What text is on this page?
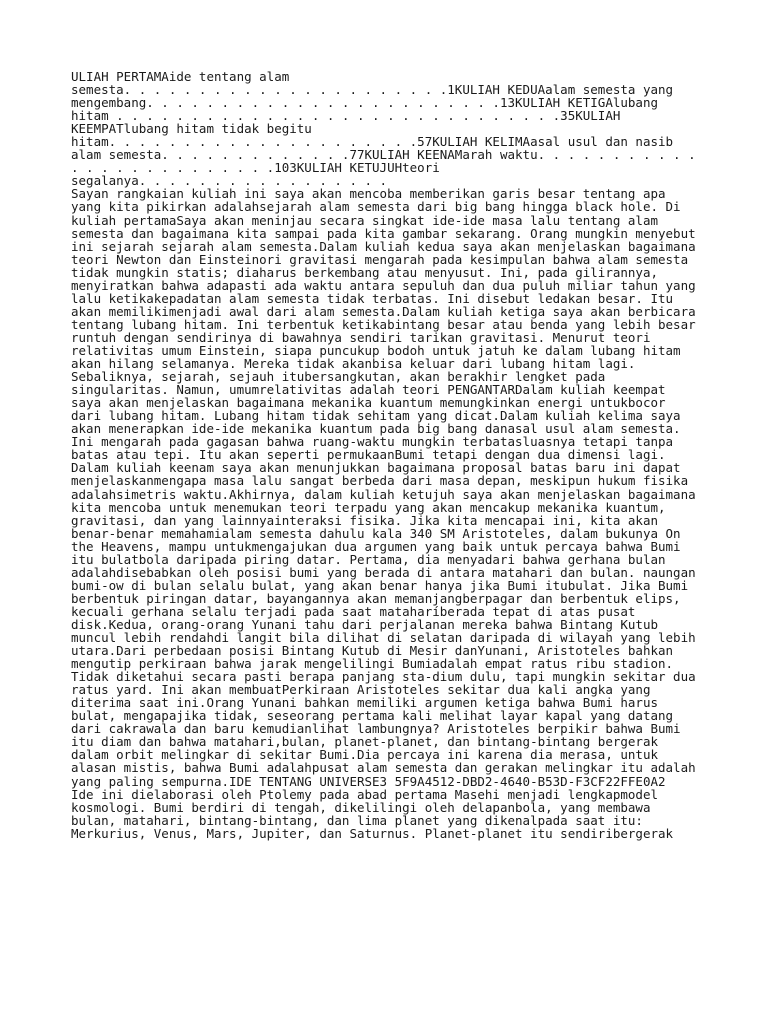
ULIAH PERTAMAide tentang alam
semesta. . . . . . . . . . . . . . . . . . . . . .1KULIAH KEDUAalam semesta yang
mengembang. . . . . . . . . . . . . . . . . . . . . . . .13KULIAH KETIGAlubang
hitam . . . . . . . . . . . . . . . . . . . . . . . . . . . . . .35KULIAH
KEEMPATlubang hitam tidak begitu
hitam. . . . . . . . . . . . . . . . . . . . .57KULIAH KELIMAasal usul dan nasib
alam semesta. . . . . . . . . . . . .77KULIAH KEENAMarah waktu. . . . . . . . . . .
. . . . . . . . . . . . . .103KULIAH KETUJUHteori
segalanya. . . . . . . . . . . . . . . . .
Sayan rangkaian kuliah ini saya akan mencoba memberikan garis besar tentang apa
yang kita pikirkan adalahsejarah alam semesta dari big bang hingga black hole. Di
kuliah pertamaSaya akan meninjau secara singkat ide-ide masa lalu tentang alam
semesta dan bagaimana kita sampai pada kita gambar sekarang. Orang mungkin menyebut
ini sejarah sejarah alam semesta.Dalam kuliah kedua saya akan menjelaskan bagaimana
teori Newton dan Einsteinori gravitasi mengarah pada kesimpulan bahwa alam semesta
tidak mungkin statis; diaharus berkembang atau menyusut. Ini, pada gilirannya,
menyiratkan bahwa adapasti ada waktu antara sepuluh dan dua puluh miliar tahun yang
lalu ketikakepadatan alam semesta tidak terbatas. Ini disebut ledakan besar. Itu
akan memilikimenjadi awal dari alam semesta.Dalam kuliah ketiga saya akan berbicara
tentang lubang hitam. Ini terbentuk ketikabintang besar atau benda yang lebih besar
runtuh dengan sendirinya di bawahnya sendiri tarikan gravitasi. Menurut teori
relativitas umum Einstein, siapa puncukup bodoh untuk jatuh ke dalam lubang hitam
akan hilang selamanya. Mereka tidak akanbisa keluar dari lubang hitam lagi.
Sebaliknya, sejarah, sejauh itubersangkutan, akan berakhir lengket pada
singularitas. Namun, umumrelativitas adalah teori PENGANTARDalam kuliah keempat
saya akan menjelaskan bagaimana mekanika kuantum memungkinkan energi untukbocor
dari lubang hitam. Lubang hitam tidak sehitam yang dicat.Dalam kuliah kelima saya
akan menerapkan ide-ide mekanika kuantum pada big bang danasal usul alam semesta.
Ini mengarah pada gagasan bahwa ruang-waktu mungkin terbatasluasnya tetapi tanpa
batas atau tepi. Itu akan seperti permukaanBumi tetapi dengan dua dimensi lagi.
Dalam kuliah keenam saya akan menunjukkan bagaimana proposal batas baru ini dapat
menjelaskanmengapa masa lalu sangat berbeda dari masa depan, meskipun hukum fisika
adalahsimetris waktu.Akhirnya, dalam kuliah ketujuh saya akan menjelaskan bagaimana
kita mencoba untuk menemukan teori terpadu yang akan mencakup mekanika kuantum,
gravitasi, dan yang lainnyainteraksi fisika. Jika kita mencapai ini, kita akan
benar-benar memahamialam semesta dahulu kala 340 SM Aristoteles, dalam bukunya On
the Heavens, mampu untukmengajukan dua argumen yang baik untuk percaya bahwa Bumi
itu bulatbola daripada piring datar. Pertama, dia menyadari bahwa gerhana bulan
adalahdisebabkan oleh posisi bumi yang berada di antara matahari dan bulan. naungan
bumi-ow di bulan selalu bulat, yang akan benar hanya jika Bumi itubulat. Jika Bumi
berbentuk piringan datar, bayangannya akan memanjangberpagar dan berbentuk elips,
kecuali gerhana selalu terjadi pada saat mataharíberada tepat di atas pusat
disk.Kedua, orang-orang Yunani tahu dari perjalanan mereka bahwa Bintang Kutub
muncul lebih rendahdi langit bila dilihat di selatan daripada di wilayah yang lebih
utara.Dari perbedaan posisi Bintang Kutub di Mesir danYunani, Aristoteles bahkan
mengutip perkiraan bahwa jarak mengelilingi Bumiadalah empat ratus ribu stadion.
Tidak diketahui secara pasti berapa panjang sta-dium dulu, tapi mungkin sekitar dua
ratus yard. Ini akan membuatPerkiraan Aristoteles sekitar dua kali angka yang
diterima saat ini.Orang Yunani bahkan memiliki argumen ketiga bahwa Bumi harus
bulat, mengapajika tidak, seseorang pertama kali melihat layar kapal yang datang
dari cakrawala dan baru kemudianlihat lambungnya? Aristoteles berpikir bahwa Bumi
itu diam dan bahwa matahari,bulan, planet-planet, dan bintang-bintang bergerak
dalam orbit melingkar di sekitar Bumi.Dia percaya ini karena dia merasa, untuk
alasan mistis, bahwa Bumi adalahpusat alam semesta dan gerakan melingkar itu adalah
yang paling sempurna.IDE TENTANG UNIVERSE3 5F9A4512-DBD2-4640-B53D-F3CF22FFE0A2
Ide ini dielaborasi oleh Ptolemy pada abad pertama Masehi menjadi lengkapmodel
kosmologi. Bumi berdiri di tengah, dikelilingi oleh delapanbola, yang membawa
bulan, matahari, bintang-bintang, dan lima planet yang dikenalpada saat itu:
Merkurius, Venus, Mars, Jupiter, dan Saturnus. Planet-planet itu sendiribergerak
